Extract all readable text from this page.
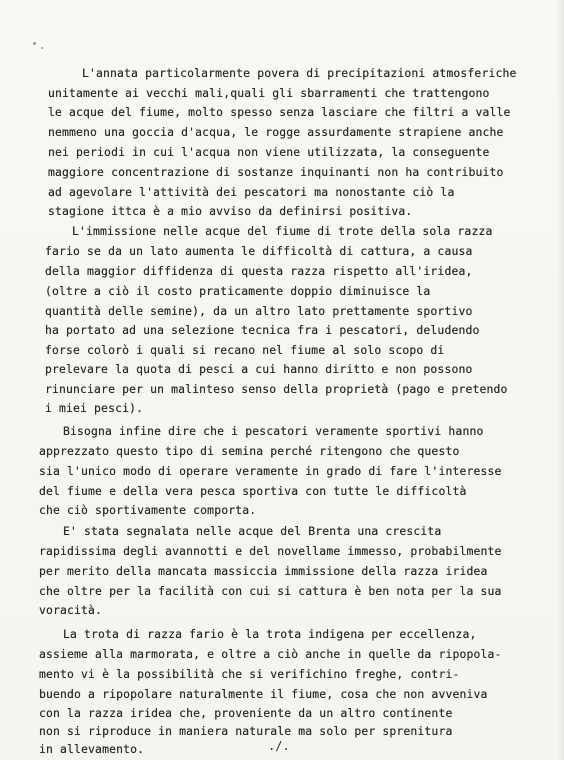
L'annata particolarmente povera di precipitazioni atmosferiche
unitamente ai vecchi mali,quali gli sbarramenti che trattengono
le acque del fiume, molto spesso senza lasciare che filtri a valle
nemmeno una goccia d'acqua, le rogge assurdamente strapiene anche
nei periodi in cui l'acqua non viene utilizzata, la conseguente
maggiore concentrazione di sostanze inquinanti non ha contribuito
ad agevolare l'attività dei pescatori ma nonostante ciò la
stagione ittca è a mio avviso da definirsi positiva.
L'immissione nelle acque del fiume di trote della sola razza
fario se da un lato aumenta le difficoltà di cattura, a causa
della maggior diffidenza di questa razza rispetto all'iridea,
(oltre a ciò il costo praticamente doppio diminuisce la
quantità delle semine), da un altro lato prettamente sportivo
ha portato ad una selezione tecnica fra i pescatori, deludendo
forse colorò i quali si recano nel fiume al solo scopo di
prelevare la quota di pesci a cui hanno diritto e non possono
rinunciare per un malinteso senso della proprietà (pago e pretendo
i miei pesci).
Bisogna infine dire che i pescatori veramente sportivi hanno
apprezzato questo tipo di semina perché ritengono che questo
sia l'unico modo di operare veramente in grado di fare l'interesse
del fiume e della vera pesca sportiva con tutte le difficoltà
che ciò sportivamente comporta.
E' stata segnalata nelle acque del Brenta una crescita
rapidissima degli avannotti e del novellame immesso, probabilmente
per merito della mancata massiccia immissione della razza iridea
che oltre per la facilità con cui si cattura è ben nota per la sua
voracità.
La trota di razza fario è la trota indigena per eccellenza,
assieme alla marmorata, e oltre a ciò anche in quelle da ripopola-
mento vi è la possibilità che si verifichino freghe, contri-
buendo a ripopolare naturalmente il fiume, cosa che non avveniva
con la razza iridea che, proveniente da un altro continente
non si riproduce in maniera naturale ma solo per sprenitura
in allevamento.	./.
